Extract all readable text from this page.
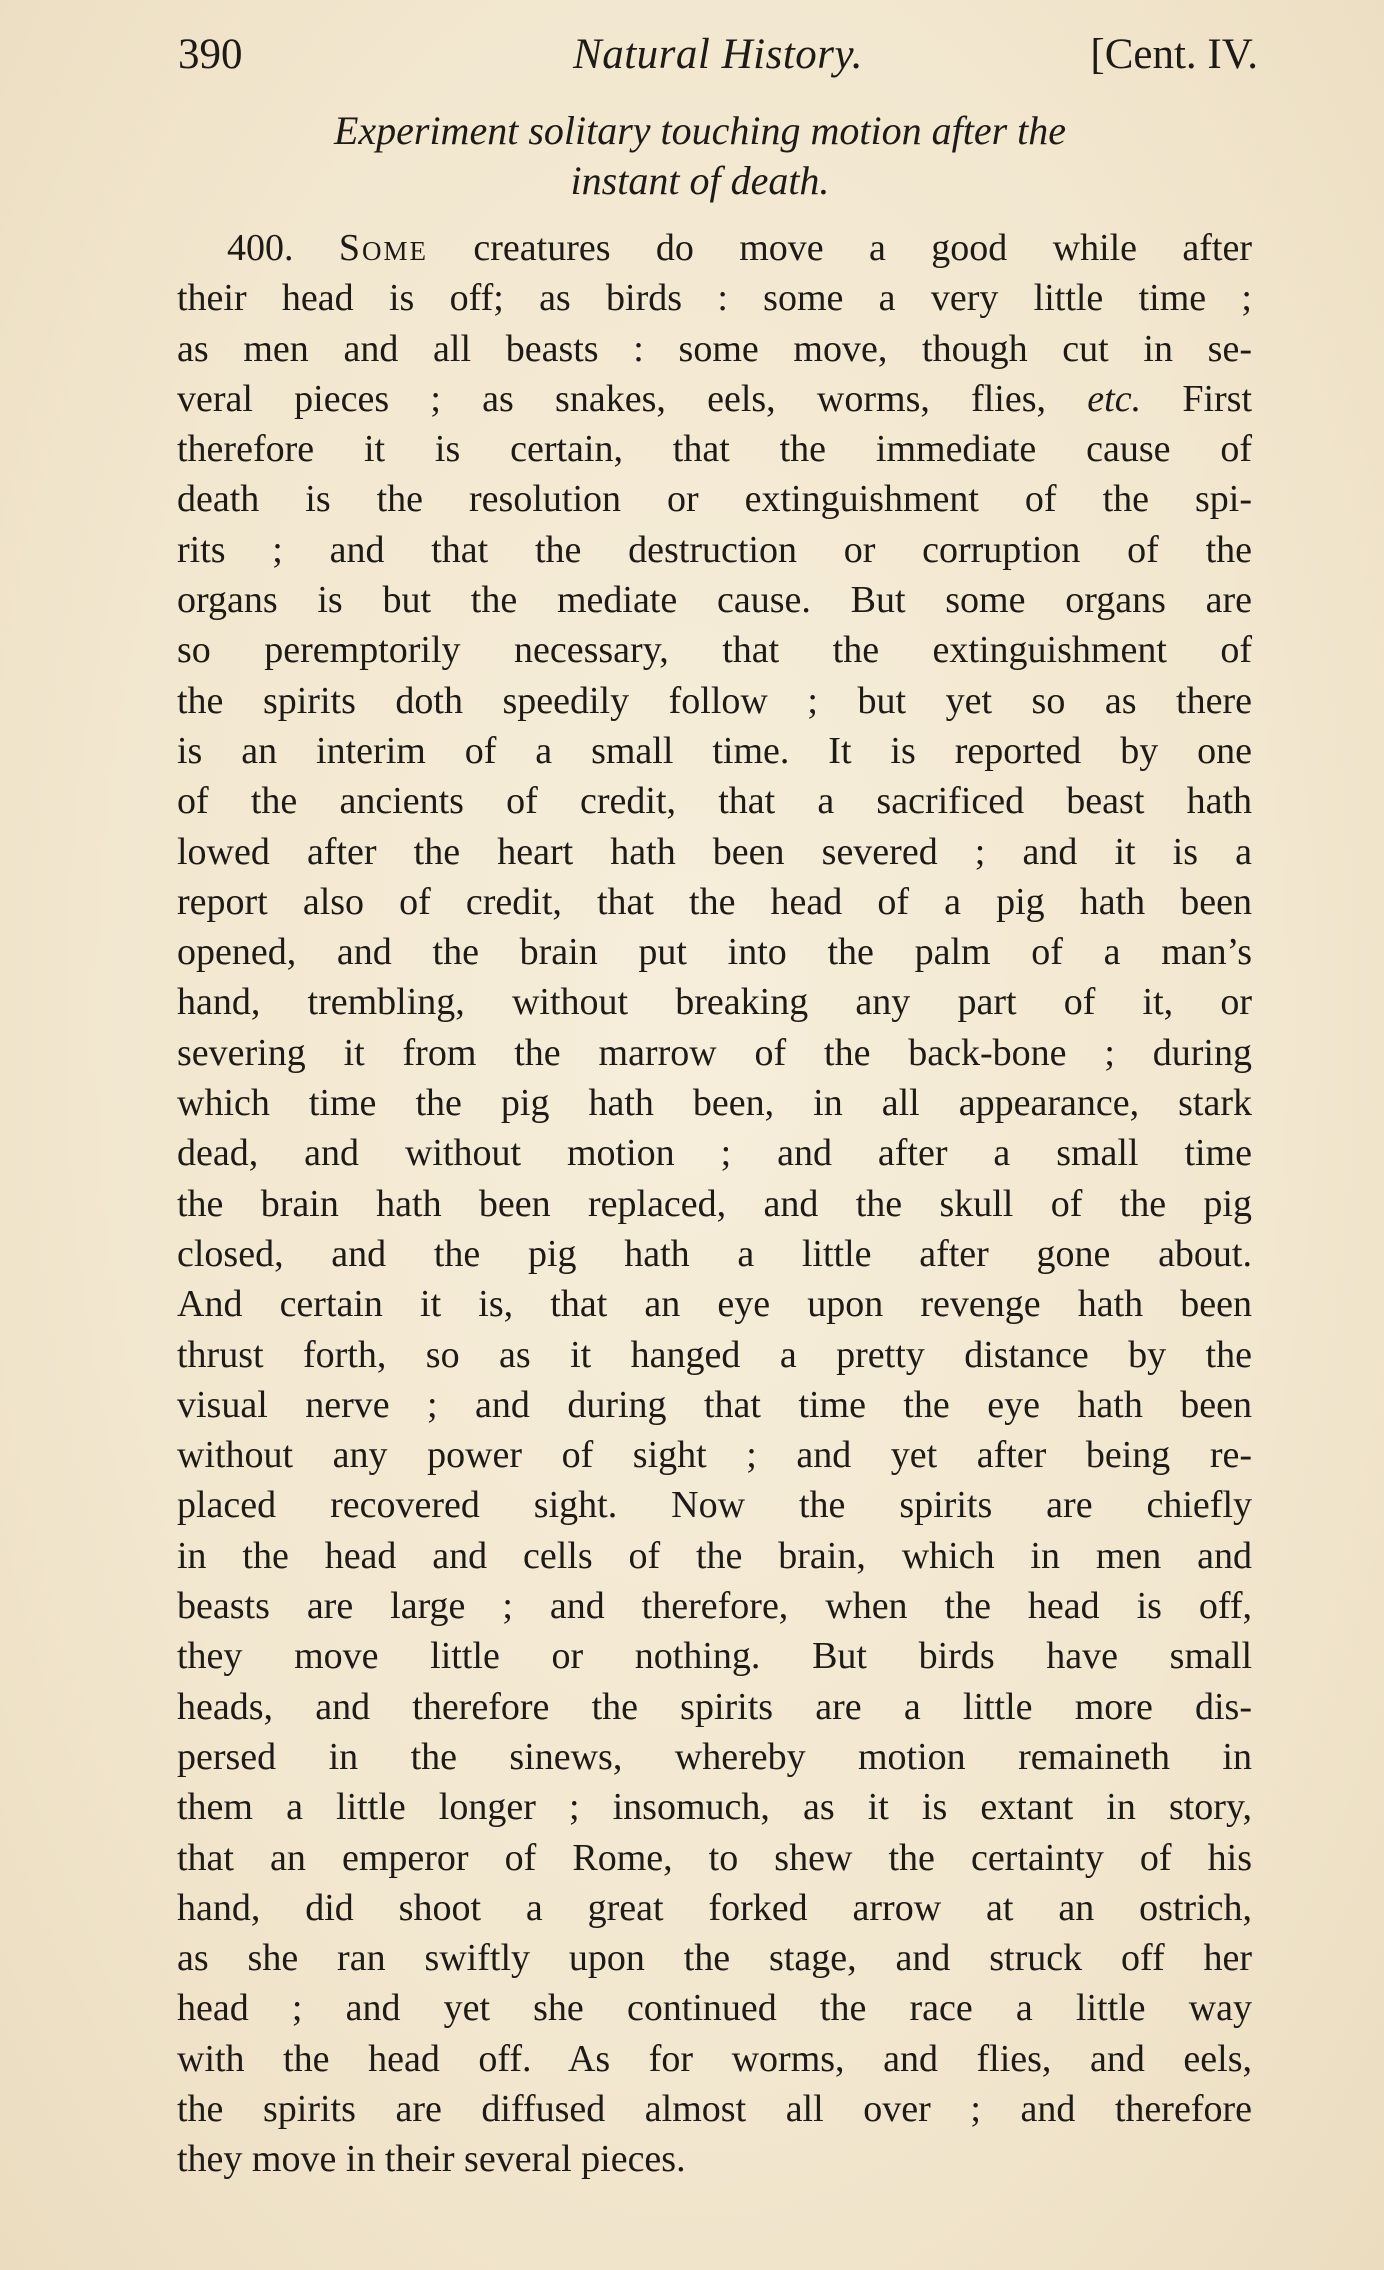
390	Natural History.	[Cent. IV.
Experiment solitary touching motion after the
instant of death.
400. Some creatures do move a good while after
their head is off; as birds : some a very little time ;
as men and all beasts : some move, though cut in se-
veral pieces ; as snakes, eels, worms, flies, etc. First
therefore it is certain, that the immediate cause of
death is the resolution or extinguishment of the spi-
rits ; and that the destruction or corruption of the
organs is but the mediate cause. But some organs are
so peremptorily necessary, that the extinguishment of
the spirits doth speedily follow ; but yet so as there
is an interim of a small time. It is reported by one
of the ancients of credit, that a sacrificed beast hath
lowed after the heart hath been severed ; and it is a
report also of credit, that the head of a pig hath been
opened, and the brain put into the palm of a man’s
hand, trembling, without breaking any part of it, or
severing it from the marrow of the back-bone ; during
which time the pig hath been, in all appearance, stark
dead, and without motion ; and after a small time
the brain hath been replaced, and the skull of the pig
closed, and the pig hath a little after gone about.
And certain it is, that an eye upon revenge hath been
thrust forth, so as it hanged a pretty distance by the
visual nerve ; and during that time the eye hath been
without any power of sight ; and yet after being re-
placed recovered sight. Now the spirits are chiefly
in the head and cells of the brain, which in men and
beasts are large ; and therefore, when the head is off,
they move little or nothing. But birds have small
heads, and therefore the spirits are a little more dis-
persed in the sinews, whereby motion remaineth in
them a little longer ; insomuch, as it is extant in story,
that an emperor of Rome, to shew the certainty of his
hand, did shoot a great forked arrow at an ostrich,
as she ran swiftly upon the stage, and struck off her
head ; and yet she continued the race a little way
with the head off. As for worms, and flies, and eels,
the spirits are diffused almost all over ; and therefore
they move in their several pieces.
